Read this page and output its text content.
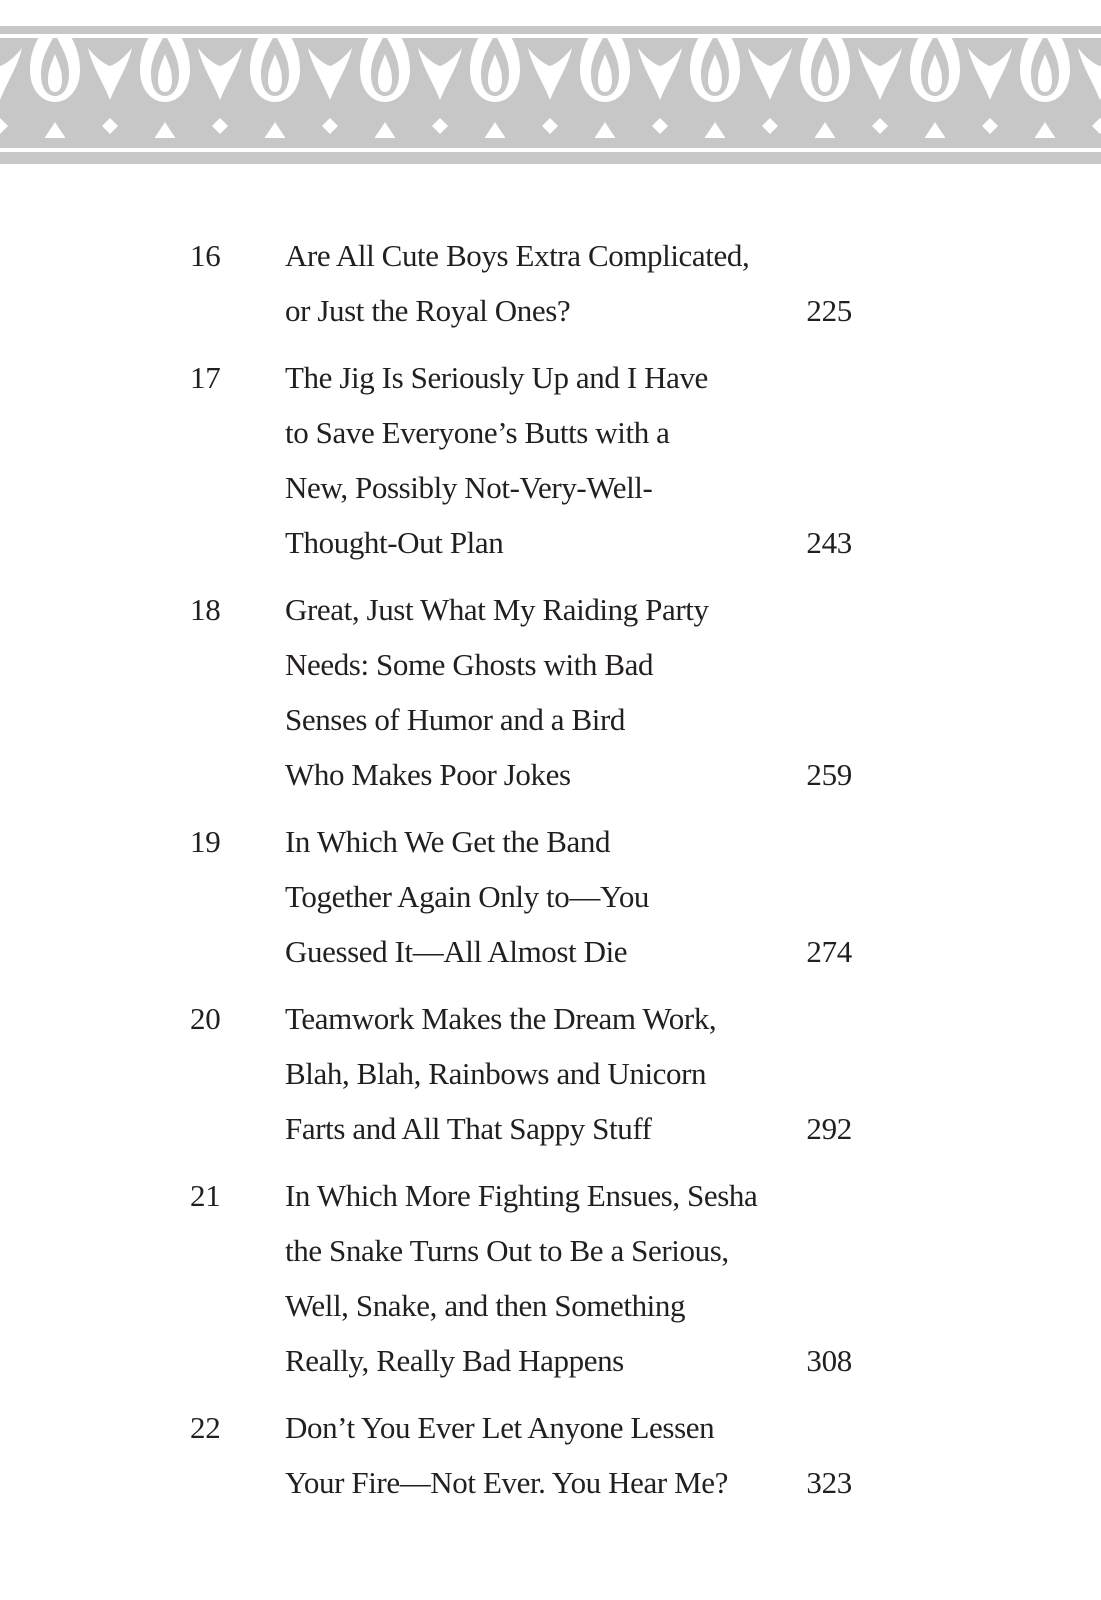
16 Are All Cute Boys Extra Complicated,
or Just the Royal Ones?	225
17 The Jig Is Seriously Up and I Have
to Save Everyone’s Butts with a
New, Possibly Not-Very-Well-
Thought-Out Plan	243
18 Great, Just What My Raiding Party
Needs: Some Ghosts with Bad
Senses of Humor and a Bird
Who Makes Poor Jokes	259
19 In Which We Get the Band
Together Again Only to—You
Guessed It—All Almost Die	274
20 Teamwork Makes the Dream Work,
Blah, Blah, Rainbows and Unicorn
Farts and All That Sappy Stuff	292
21 In Which More Fighting Ensues, Sesha
the Snake Turns Out to Be a Serious,
Well, Snake, and then Something
Really, Really Bad Happens	308
22 Don’t You Ever Let Anyone Lessen
Your Fire—Not Ever. You Hear Me?	323
